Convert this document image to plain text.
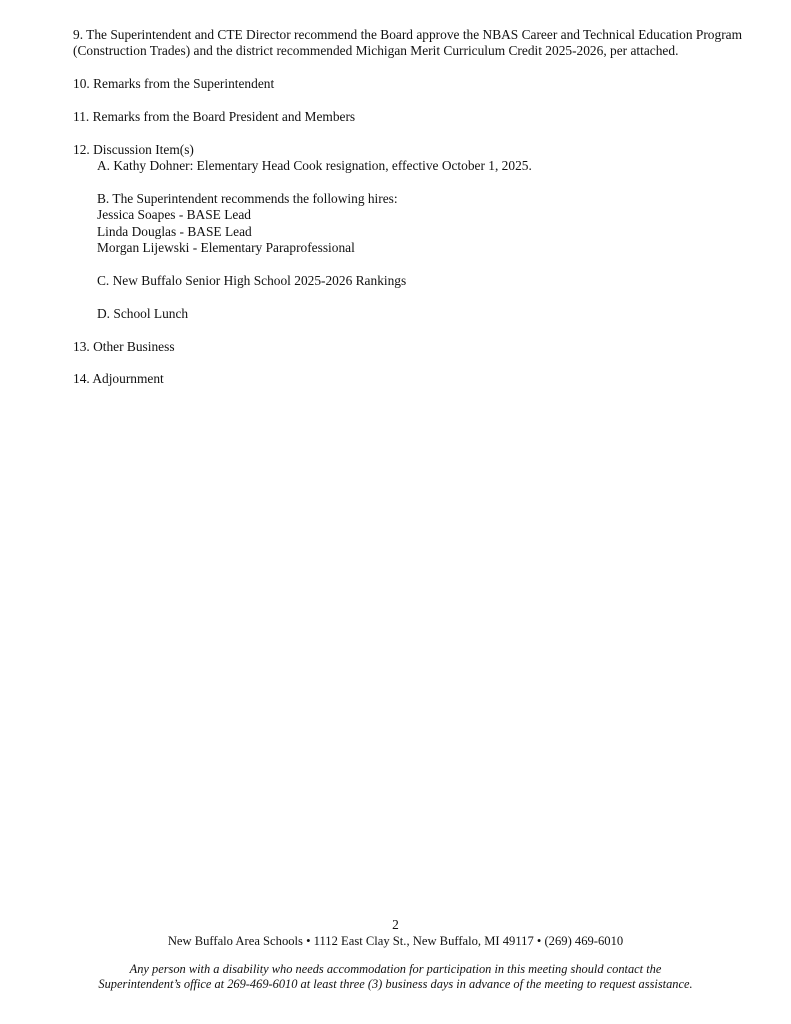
9. The Superintendent and CTE Director recommend the Board approve the NBAS Career and Technical Education Program (Construction Trades) and the district recommended Michigan Merit Curriculum Credit 2025-2026, per attached.

10. Remarks from the Superintendent

11. Remarks from the Board President and Members

12. Discussion Item(s)

A. Kathy Dohner: Elementary Head Cook resignation, effective October 1, 2025.

B. The Superintendent recommends the following hires:

Jessica Soapes - BASE Lead

Linda Douglas - BASE Lead

Morgan Lijewski - Elementary Paraprofessional

C. New Buffalo Senior High School 2025-2026 Rankings

D. School Lunch

13. Other Business

14. Adjournment

2
New Buffalo Area Schools • 1112 East Clay St., New Buffalo, MI 49117 • (269) 469-6010

Any person with a disability who needs accommodation for participation in this meeting should contact the

Superintendent’s office at 269-469-6010 at least three (3) business days in advance of the meeting to request assistance.
